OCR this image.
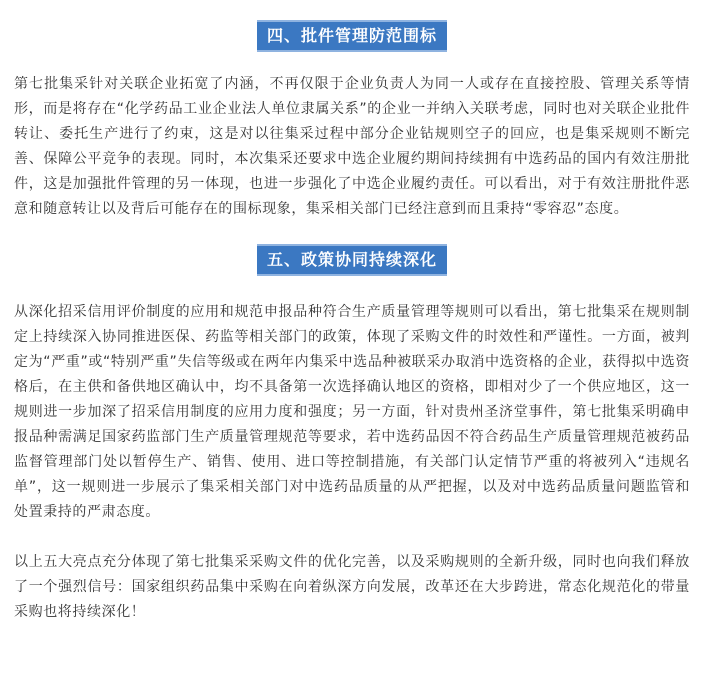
四、批件管理防范围标

第七批集采针对关联企业拓宽了内涵，不再仅限于企业负责人为同一人或存在直接控股、管理关系等情形，而是将存在“化学药品工业企业法人单位隶属关系”的企业一并纳入关联考虑，同时也对关联企业批件转让、委托生产进行了约束，这是对以往集采过程中部分企业钻规则空子的回应，也是集采规则不断完善、保障公平竞争的表现。同时，本次集采还要求中选企业履约期间持续拥有中选药品的国内有效注册批件，这是加强批件管理的另一体现，也进一步强化了中选企业履约责任。可以看出，对于有效注册批件恶意和随意转让以及背后可能存在的围标现象，集采相关部门已经注意到而且秉持“零容忍”态度。

五、政策协同持续深化

从深化招采信用评价制度的应用和规范申报品种符合生产质量管理等规则可以看出，第七批集采在规则制定上持续深入协同推进医保、药监等相关部门的政策，体现了采购文件的时效性和严谨性。一方面，被判定为“严重”或“特别严重”失信等级或在两年内集采中选品种被联采办取消中选资格的企业，获得拟中选资格后，在主供和备供地区确认中，均不具备第一次选择确认地区的资格，即相对少了一个供应地区，这一规则进一步加深了招采信用制度的应用力度和强度；另一方面，针对贵州圣济堂事件，第七批集采明确申报品种需满足国家药监部门生产质量管理规范等要求，若中选药品因不符合药品生产质量管理规范被药品监督管理部门处以暂停生产、销售、使用、进口等控制措施，有关部门认定情节严重的将被列入“违规名单”，这一规则进一步展示了集采相关部门对中选药品质量的从严把握，以及对中选药品质量问题监管和处置秉持的严肃态度。

以上五大亮点充分体现了第七批集采采购文件的优化完善，以及采购规则的全新升级，同时也向我们释放了一个强烈信号：国家组织药品集中采购在向着纵深方向发展，改革还在大步跨进，常态化规范化的带量采购也将持续深化！
